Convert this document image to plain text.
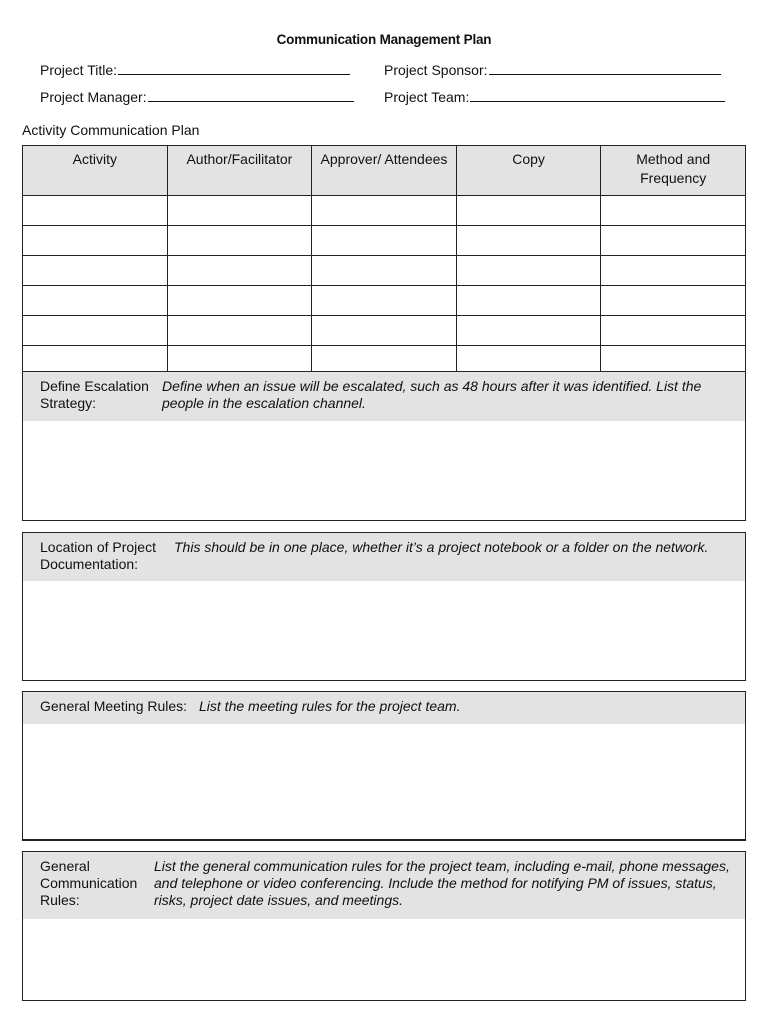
Communication Management Plan
Project Title:	Project Sponsor:
Project Manager:	Project Team:
Activity Communication Plan
Activity	Author/Facilitator	Approver/ Attendees	Copy	Method and Frequency

Define Escalation Strategy:
Define when an issue will be escalated, such as 48 hours after it was identified. List the people in the escalation channel.
Location of Project Documentation:
This should be in one place, whether it’s a project notebook or a folder on the network.
General Meeting Rules: List the meeting rules for the project team.
General Communication Rules:
List the general communication rules for the project team, including e-mail, phone messages, and telephone or video conferencing. Include the method for notifying PM of issues, status, risks, project date issues, and meetings.
